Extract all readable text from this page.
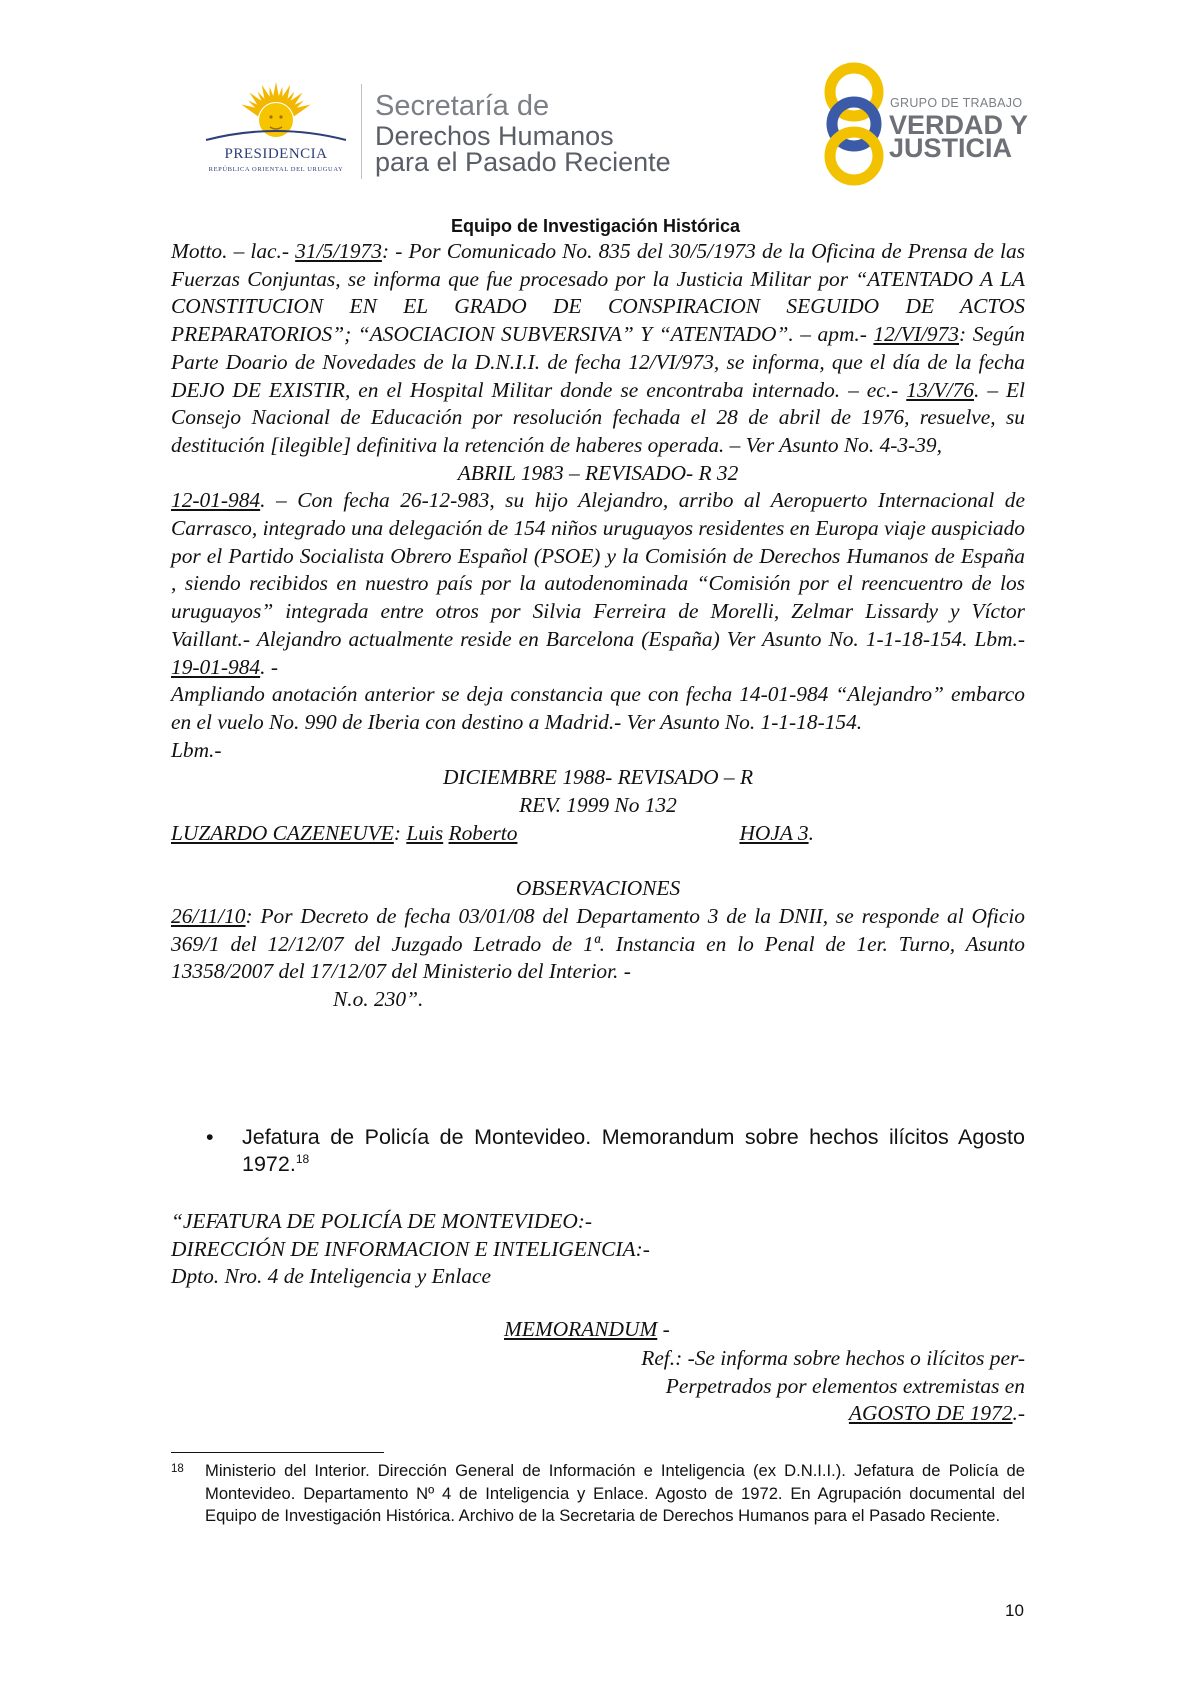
PRESIDENCIA
REPÚBLICA ORIENTAL DEL URUGUAY
Secretaría de
Derechos Humanos
para el Pasado Reciente
GRUPO DE TRABAJO
VERDAD Y
JUSTICIA
Equipo de Investigación Histórica

Motto. – lac.- 31/5/1973: - Por Comunicado No. 835 del 30/5/1973 de la Oficina de Prensa de las Fuerzas Conjuntas, se informa que fue procesado por la Justicia Militar por “ATENTADO A LA CONSTITUCION EN EL GRADO DE CONSPIRACION SEGUIDO DE ACTOS PREPARATORIOS”; “ASOCIACION SUBVERSIVA” Y “ATENTADO”. – apm.- 12/VI/973: Según Parte Doario de Novedades de la D.N.I.I. de fecha 12/VI/973, se informa, que el día de la fecha DEJO DE EXISTIR, en el Hospital Militar donde se encontraba internado. – ec.- 13/V/76. – El Consejo Nacional de Educación por resolución fechada el 28 de abril de 1976, resuelve, su destitución [ilegible] definitiva la retención de haberes operada. – Ver Asunto No. 4-3-39,

ABRIL 1983 – REVISADO- R 32

12-01-984. – Con fecha 26-12-983, su hijo Alejandro, arribo al Aeropuerto Internacional de Carrasco, integrado una delegación de 154 niños uruguayos residentes en Europa viaje auspiciado por el Partido Socialista Obrero Español (PSOE) y la Comisión de Derechos Humanos de España , siendo recibidos en nuestro país por la autodenominada “Comisión por el reencuentro de los uruguayos” integrada entre otros por Silvia Ferreira de Morelli, Zelmar Lissardy y Víctor Vaillant.- Alejandro actualmente reside en Barcelona (España) Ver Asunto No. 1-1-18-154. Lbm.- 19-01-984. -

Ampliando anotación anterior se deja constancia que con fecha 14-01-984 “Alejandro” embarco en el vuelo No. 990 de Iberia con destino a Madrid.- Ver Asunto No. 1-1-18-154.

Lbm.-

DICIEMBRE 1988- REVISADO – R

REV. 1999 No 132

LUZARDO CAZENEUVE: Luis Roberto	HOJA 3.

OBSERVACIONES

26/11/10: Por Decreto de fecha 03/01/08 del Departamento 3 de la DNII, se responde al Oficio 369/1 del 12/12/07 del Juzgado Letrado de 1ª. Instancia en lo Penal de 1er. Turno, Asunto 13358/2007 del 17/12/07 del Ministerio del Interior. -

N.o. 230”.

• Jefatura de Policía de Montevideo. Memorandum sobre hechos ilícitos Agosto 1972.18
“JEFATURA DE POLICÍA DE MONTEVIDEO:-
DIRECCIÓN DE INFORMACION E INTELIGENCIA:-
Dpto. Nro. 4 de Inteligencia y Enlace
MEMORANDUM -
Ref.: -Se informa sobre hechos o ilícitos per-
Perpetrados por elementos extremistas en
AGOSTO DE 1972.-
18 Ministerio del Interior. Dirección General de Información e Inteligencia (ex D.N.I.I.). Jefatura de Policía de Montevideo. Departamento Nº 4 de Inteligencia y Enlace. Agosto de 1972. En Agrupación documental del Equipo de Investigación Histórica. Archivo de la Secretaria de Derechos Humanos para el Pasado Reciente.
10
